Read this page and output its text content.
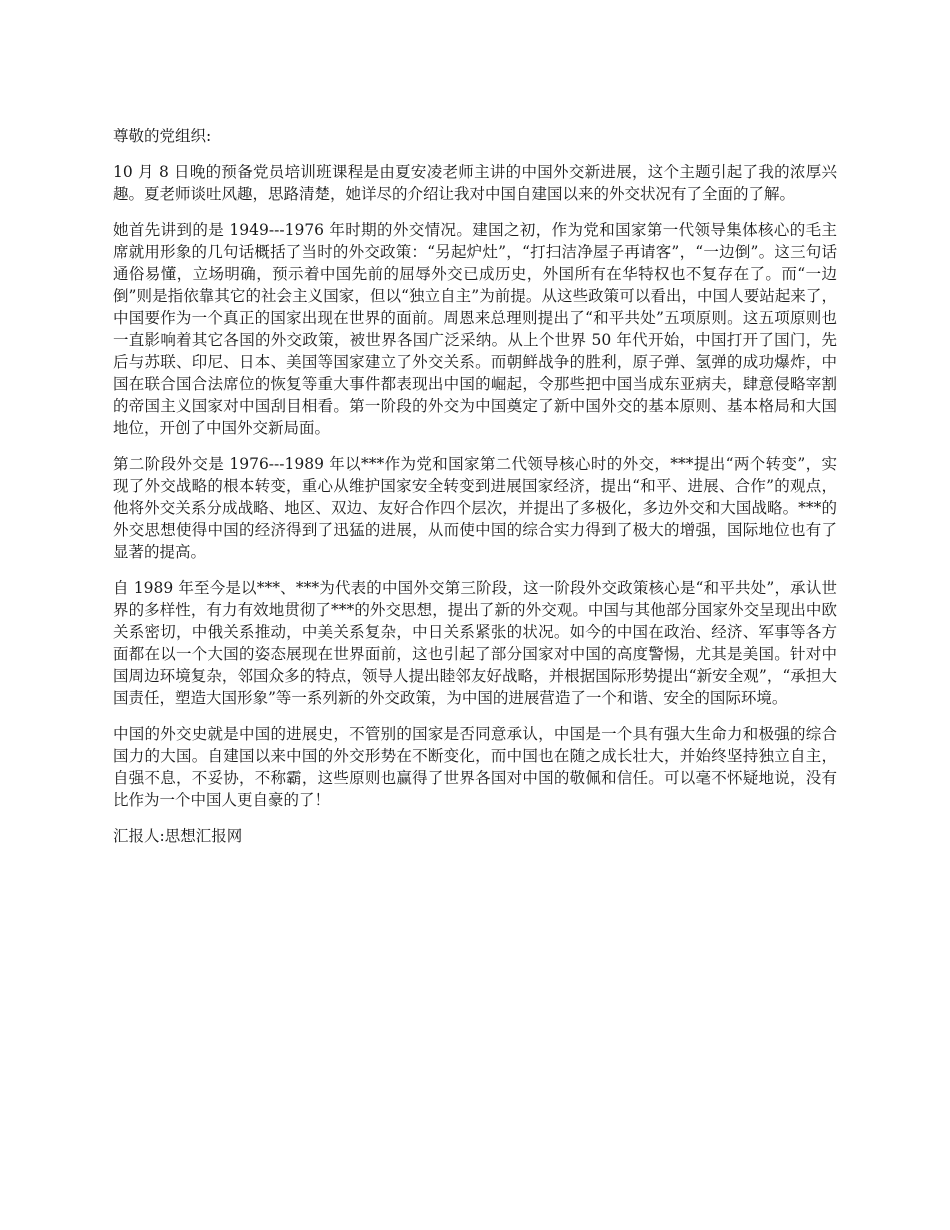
尊敬的党组织:

10 月 8 日晚的预备党员培训班课程是由夏安凌老师主讲的中国外交新进展，这个主题引起了我的浓厚兴趣。夏老师谈吐风趣，思路清楚，她详尽的介绍让我对中国自建国以来的外交状况有了全面的了解。

她首先讲到的是 1949---1976 年时期的外交情况。建国之初，作为党和国家第一代领导集体核心的毛主席就用形象的几句话概括了当时的外交政策：“另起炉灶”，“打扫洁净屋子再请客”，“一边倒”。这三句话通俗易懂，立场明确，预示着中国先前的屈辱外交已成历史，外国所有在华特权也不复存在了。而“一边倒”则是指依靠其它的社会主义国家，但以“独立自主”为前提。从这些政策可以看出，中国人要站起来了，中国要作为一个真正的国家出现在世界的面前。周恩来总理则提出了“和平共处”五项原则。这五项原则也一直影响着其它各国的外交政策，被世界各国广泛采纳。从上个世界 50 年代开始，中国打开了国门，先后与苏联、印尼、日本、美国等国家建立了外交关系。而朝鲜战争的胜利，原子弹、氢弹的成功爆炸，中国在联合国合法席位的恢复等重大事件都表现出中国的崛起，令那些把中国当成东亚病夫，肆意侵略宰割的帝国主义国家对中国刮目相看。第一阶段的外交为中国奠定了新中国外交的基本原则、基本格局和大国地位，开创了中国外交新局面。

第二阶段外交是 1976---1989 年以***作为党和国家第二代领导核心时的外交，***提出“两个转变”，实现了外交战略的根本转变，重心从维护国家安全转变到进展国家经济，提出“和平、进展、合作”的观点，他将外交关系分成战略、地区、双边、友好合作四个层次，并提出了多极化，多边外交和大国战略。***的外交思想使得中国的经济得到了迅猛的进展，从而使中国的综合实力得到了极大的增强，国际地位也有了显著的提高。

自 1989 年至今是以***、***为代表的中国外交第三阶段，这一阶段外交政策核心是“和平共处”，承认世界的多样性，有力有效地贯彻了***的外交思想，提出了新的外交观。中国与其他部分国家外交呈现出中欧关系密切，中俄关系推动，中美关系复杂，中日关系紧张的状况。如今的中国在政治、经济、军事等各方面都在以一个大国的姿态展现在世界面前，这也引起了部分国家对中国的高度警惕，尤其是美国。针对中国周边环境复杂，邻国众多的特点，领导人提出睦邻友好战略，并根据国际形势提出“新安全观”，“承担大国责任，塑造大国形象”等一系列新的外交政策，为中国的进展营造了一个和谐、安全的国际环境。

中国的外交史就是中国的进展史，不管别的国家是否同意承认，中国是一个具有强大生命力和极强的综合国力的大国。自建国以来中国的外交形势在不断变化，而中国也在随之成长壮大，并始终坚持独立自主，自强不息，不妥协，不称霸，这些原则也赢得了世界各国对中国的敬佩和信任。可以毫不怀疑地说，没有比作为一个中国人更自豪的了！

汇报人:思想汇报网
